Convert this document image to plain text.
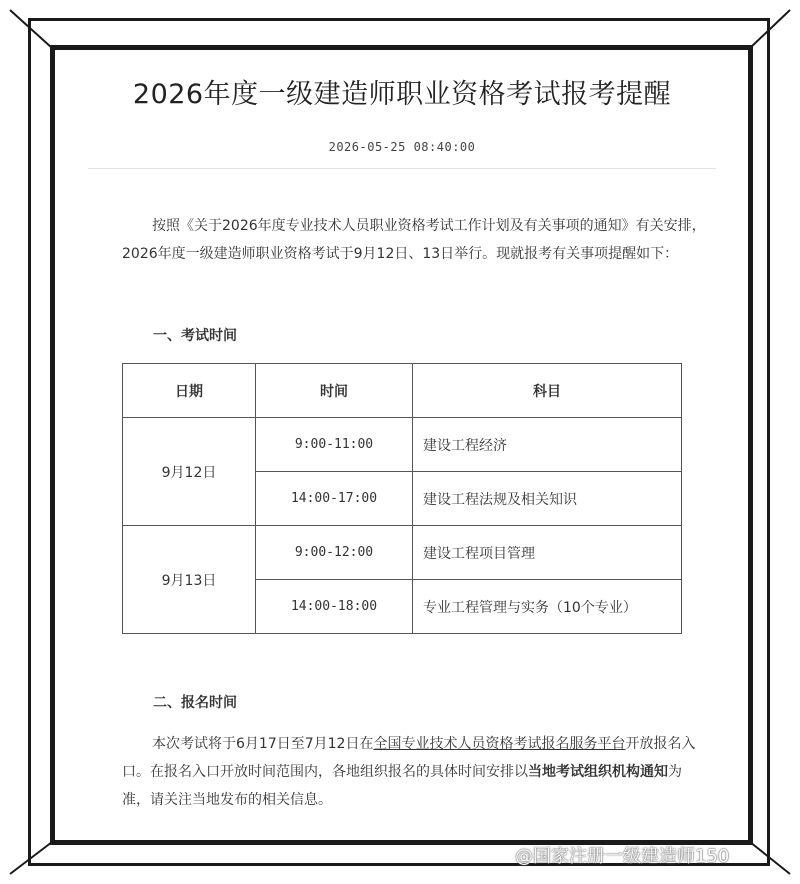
2026年度一级建造师职业资格考试报考提醒
2026-05-25 08:40:00
按照《关于2026年度专业技术人员职业资格考试工作计划及有关事项的通知》有关安排，2026年度一级建造师职业资格考试于9月12日、13日举行。现就报考有关事项提醒如下：
一、考试时间
日期	时间	科目
9月12日	9:00-11:00	建设工程经济
	14:00-17:00	建设工程法规及相关知识
9月13日	9:00-12:00	建设工程项目管理
	14:00-18:00	专业工程管理与实务（10个专业）
二、报名时间
本次考试将于6月17日至7月12日在全国专业技术人员资格考试报名服务平台开放报名入口。在报名入口开放时间范围内，各地组织报名的具体时间安排以当地考试组织机构通知为准，请关注当地发布的相关信息。
@国家注册一级建造师150
